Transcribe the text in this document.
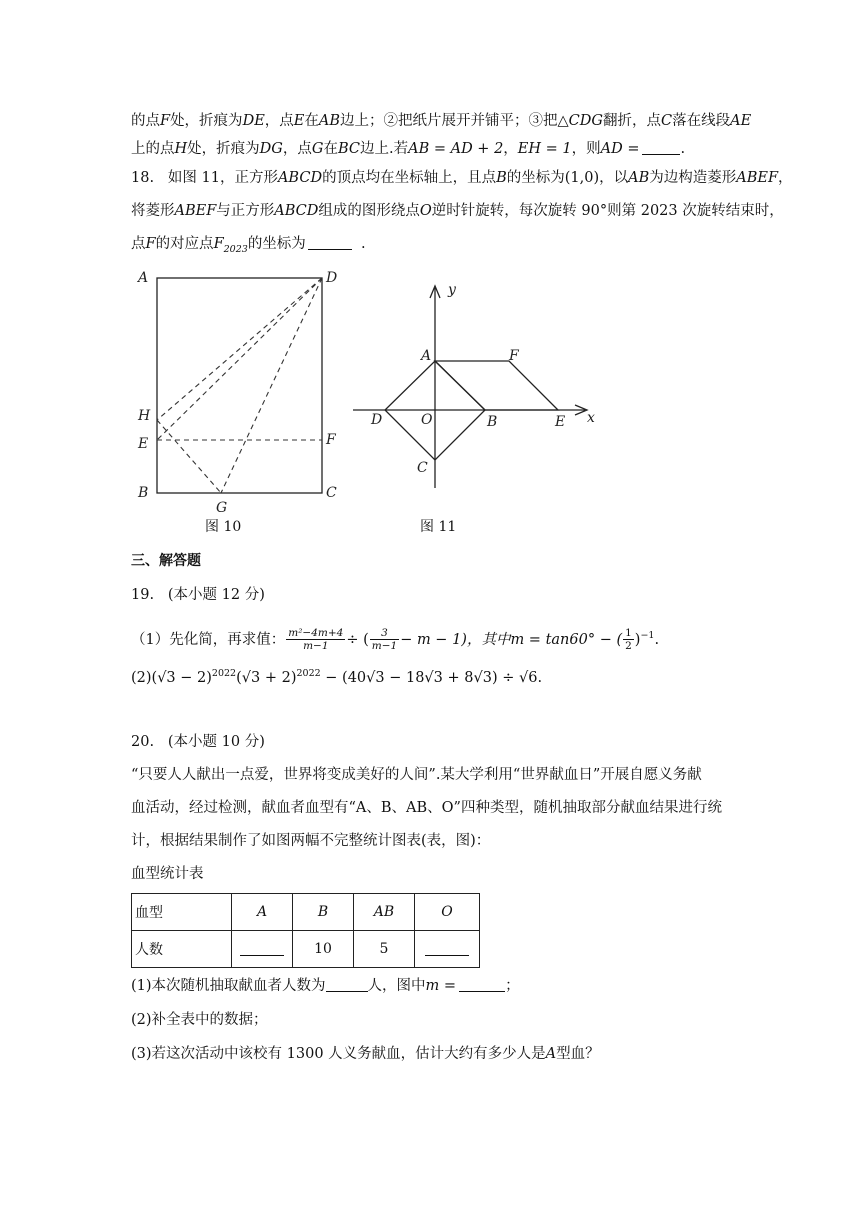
的点F处，折痕为DE，点E在AB边上；②把纸片展开并铺平；③把△CDG翻折，点C落在线段AE
上的点H处，折痕为DG，点G在BC边上.若AB = AD + 2，EH = 1，则AD =	.
18. 如图 11，正方形ABCD的顶点均在坐标轴上，且点B的坐标为(1,0)，以AB为边构造菱形ABEF，
将菱形ABEF与正方形ABCD组成的图形绕点O逆时针旋转，每次旋转 90°则第 2023 次旋转结束时，
点F的对应点$F_{2023}$的坐标为	.
A	D
H
E	F
B
G
C
图 10
y
A	F
D	O	B	E x
C
图 11
三、解答题
19. (本小题 12 分)
（1）先化简，再求值： $\frac{\text{m²−4m+4}}{m-1}$ ÷ ( $\frac{3}{m-1} - m - 1$)，其中m = tan60° − ( $\frac{1}{2} )^{-1}$.
$(2)(√3 - 2)^{2022}(√3 + 2)^{2022} - (40√3 - 18√3 + 8√3) \div √6$.
20. (本小题 10 分)
“只要人人献出一点爱，世界将变成美好的人间”.某大学利用“世界献血日”开展自愿义务献
血活动，经过检测，献血者血型有“A、B、AB、O”四种类型，随机抽取部分献血结果进行统
计，根据结果制作了如图两幅不完整统计图表(表，图)：
血型统计表
血型	A	B	AB	O
人数		10	5	
(1)本次随机抽取献血者人数为	人，图中m =	；
(2)补全表中的数据；
(3)若这次活动中该校有 1300 人义务献血，估计大约有多少人是A型血？
